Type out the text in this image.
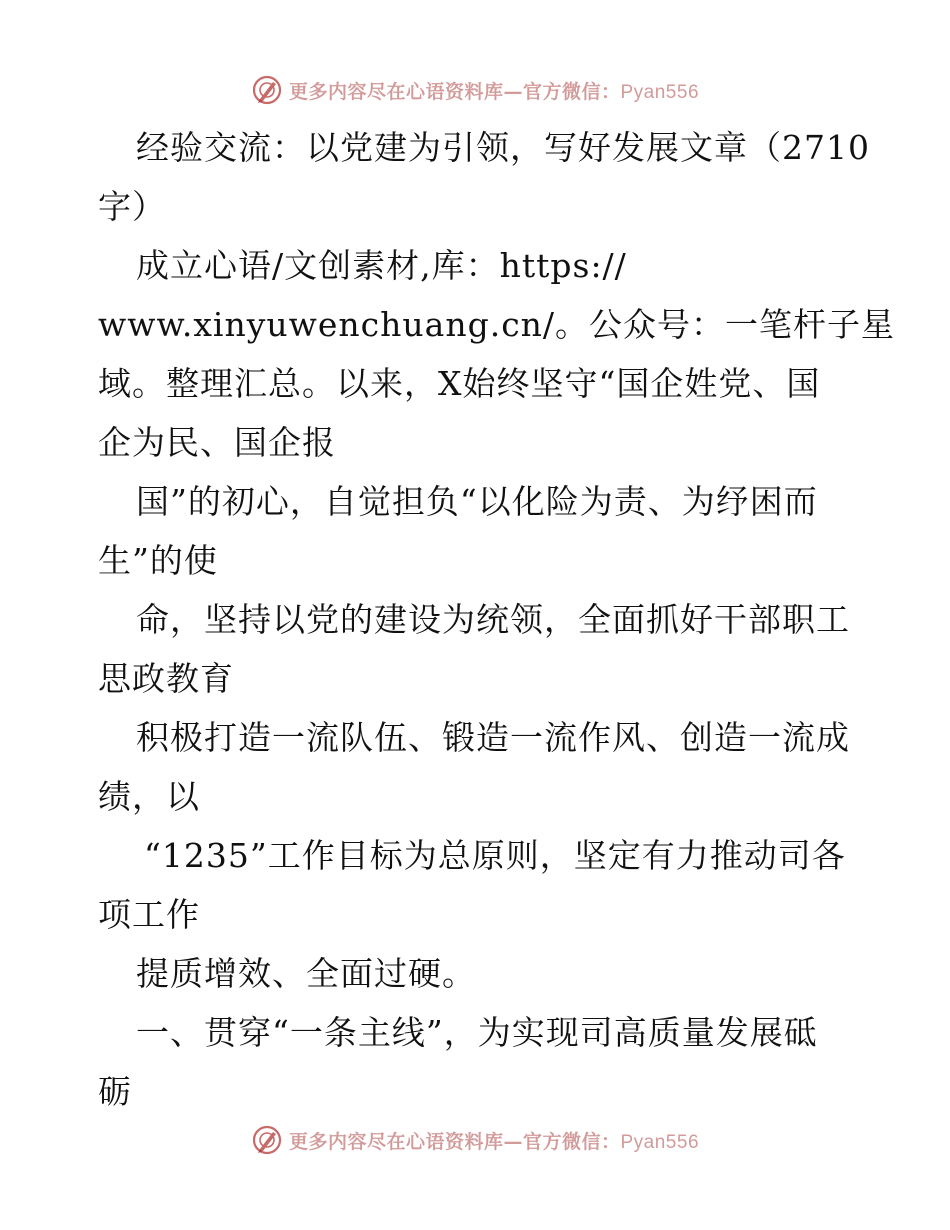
更多内容尽在心语资料库—官方微信：Pyan556
经验交流：以党建为引领，写好发展文章（2710
字）
成立心语/文创素材,库：https://
www.xinyuwenchuang.cn/。公众号：一笔杆子星
域。整理汇总。以来，X始终坚守“国企姓党、国
企为民、国企报
国”的初心，自觉担负“以化险为责、为纾困而
生”的使
命，坚持以党的建设为统领，全面抓好干部职工
思政教育
积极打造一流队伍、锻造一流作风、创造一流成
绩，以
“1235”工作目标为总原则，坚定有力推动司各
项工作
提质增效、全面过硬。
一、贯穿“一条主线”，为实现司高质量发展砥
砺
更多内容尽在心语资料库—官方微信：Pyan556
